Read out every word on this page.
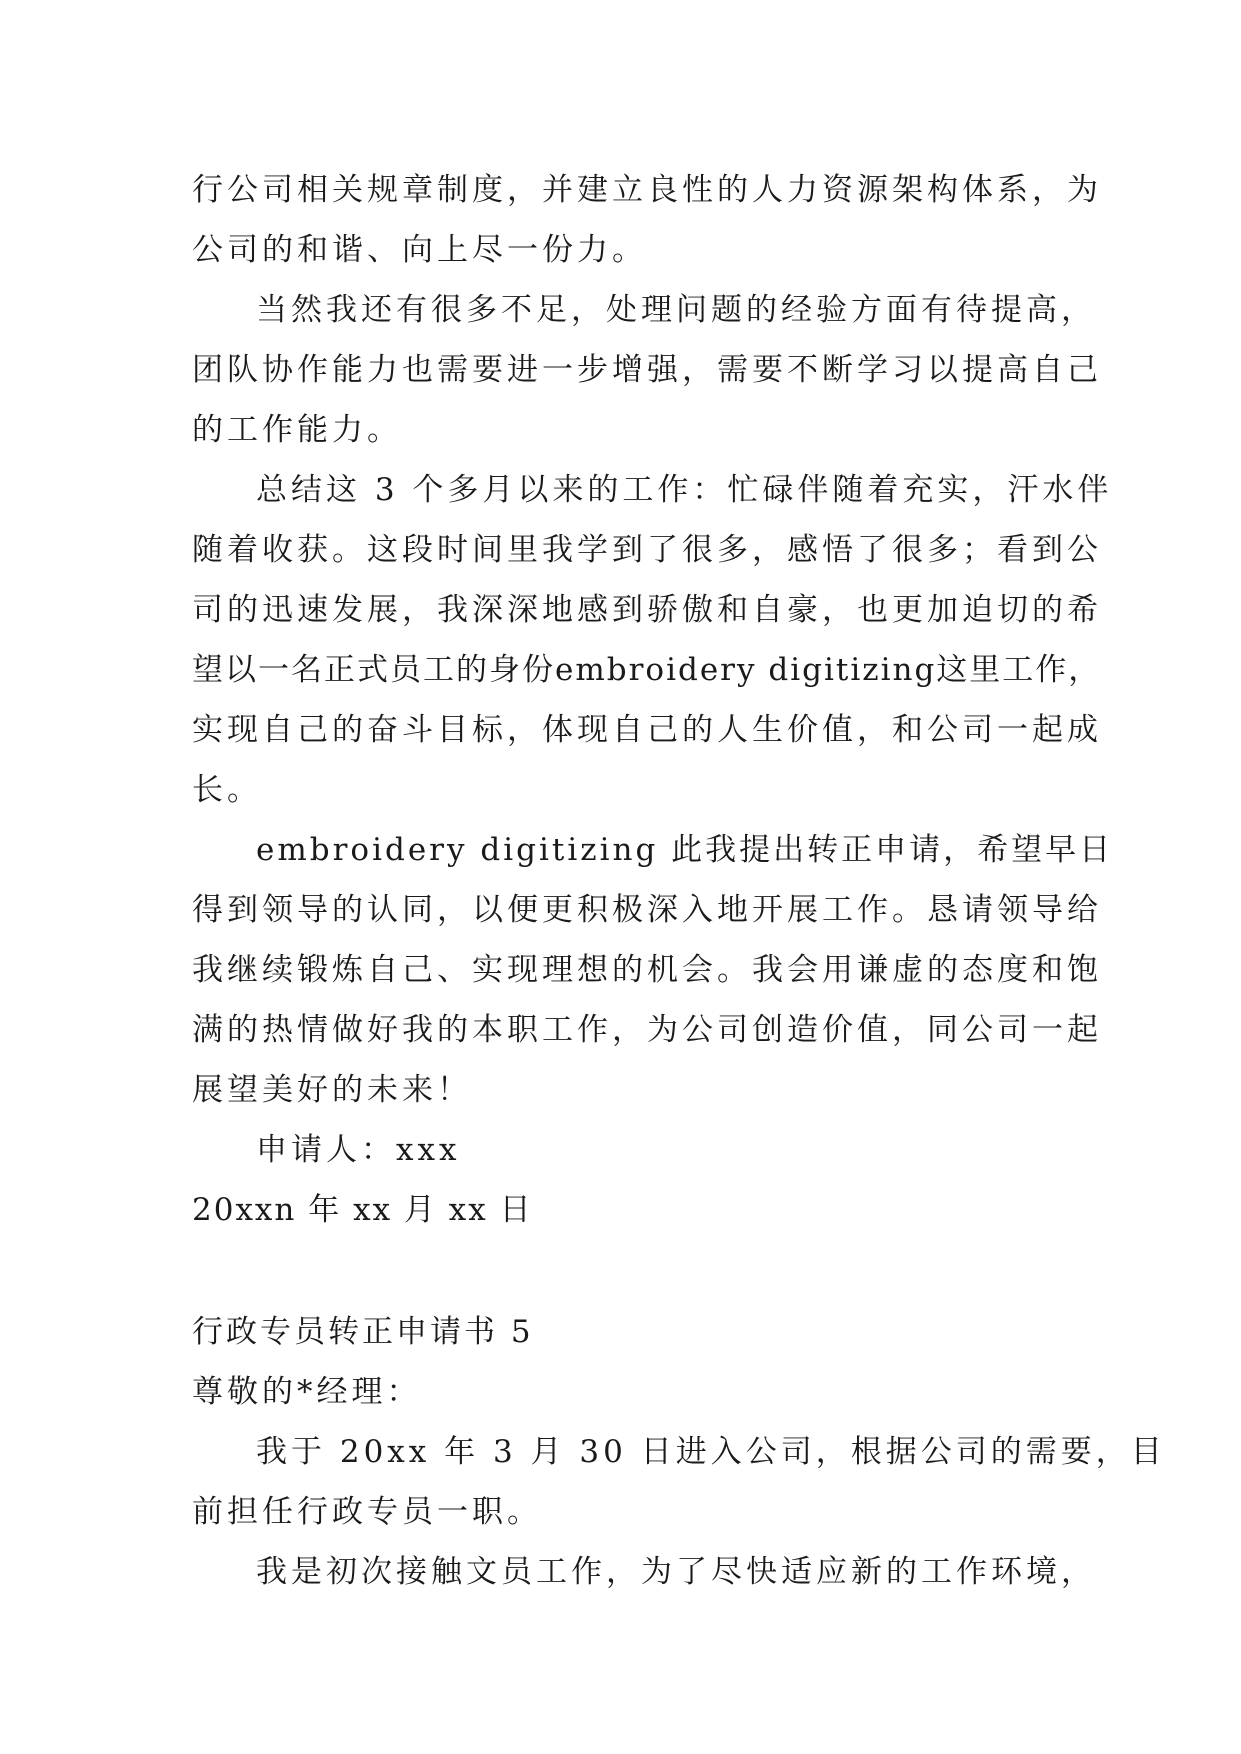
行公司相关规章制度，并建立良性的人力资源架构体系，为

公司的和谐、向上尽一份力。

当然我还有很多不足，处理问题的经验方面有待提高，

团队协作能力也需要进一步增强，需要不断学习以提高自己

的工作能力。

总结这 3 个多月以来的工作：忙碌伴随着充实，汗水伴

随着收获。这段时间里我学到了很多，感悟了很多；看到公

司的迅速发展，我深深地感到骄傲和自豪，也更加迫切的希

望以一名正式员工的身份embroidery digitizing这里工作，

实现自己的奋斗目标，体现自己的人生价值，和公司一起成

长。

embroidery digitizing 此我提出转正申请，希望早日

得到领导的认同，以便更积极深入地开展工作。恳请领导给

我继续锻炼自己、实现理想的机会。我会用谦虚的态度和饱

满的热情做好我的本职工作，为公司创造价值，同公司一起

展望美好的未来！

申请人：xxx

20xxn 年 xx 月 xx 日

行政专员转正申请书 5

尊敬的*经理：

我于 20xx 年 3 月 30 日进入公司，根据公司的需要，目

前担任行政专员一职。

我是初次接触文员工作，为了尽快适应新的工作环境，
